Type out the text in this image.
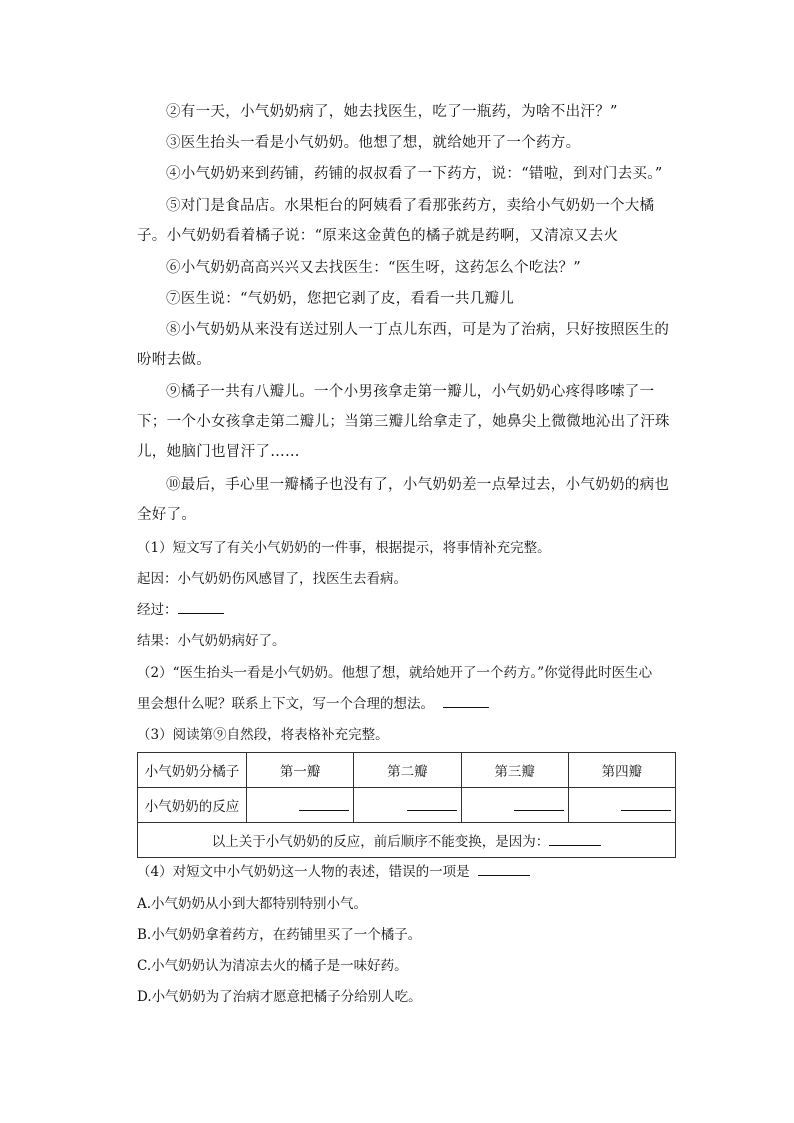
②有一天，小气奶奶病了，她去找医生，吃了一瓶药，为啥不出汗？”
③医生抬头一看是小气奶奶。他想了想，就给她开了一个药方。
④小气奶奶来到药铺，药铺的叔叔看了一下药方，说：“错啦，到对门去买。”
⑤对门是食品店。水果柜台的阿姨看了看那张药方，卖给小气奶奶一个大橘子。小气奶奶看着橘子说：“原来这金黄色的橘子就是药啊，又清凉又去火
⑥小气奶奶高高兴兴又去找医生：“医生呀，这药怎么个吃法？”
⑦医生说：“气奶奶，您把它剥了皮，看看一共几瓣儿
⑧小气奶奶从来没有送过别人一丁点儿东西，可是为了治病，只好按照医生的吩咐去做。
⑨橘子一共有八瓣儿。一个小男孩拿走第一瓣儿，小气奶奶心疼得哆嗦了一下；一个小女孩拿走第二瓣儿；当第三瓣儿给拿走了，她鼻尖上微微地沁出了汗珠儿，她脑门也冒汗了……
⑩最后，手心里一瓣橘子也没有了，小气奶奶差一点晕过去，小气奶奶的病也全好了。
（1）短文写了有关小气奶奶的一件事，根据提示，将事情补充完整。
起因：小气奶奶伤风感冒了，找医生去看病。
经过：
结果：小气奶奶病好了。
（2）“医生抬头一看是小气奶奶。他想了想，就给她开了一个药方。”你觉得此时医生心
里会想什么呢？联系上下文，写一个合理的想法。
（3）阅读第⑨自然段，将表格补充完整。
小气奶奶分橘子	第一瓣	第二瓣	第三瓣	第四瓣
小气奶奶的反应				
以上关于小气奶奶的反应，前后顺序不能变换，是因为：				
（4）对短文中小气奶奶这一人物的表述，错误的一项是
A.小气奶奶从小到大都特别特别小气。
B.小气奶奶拿着药方，在药铺里买了一个橘子。
C.小气奶奶认为清凉去火的橘子是一味好药。
D.小气奶奶为了治病才愿意把橘子分给别人吃。
